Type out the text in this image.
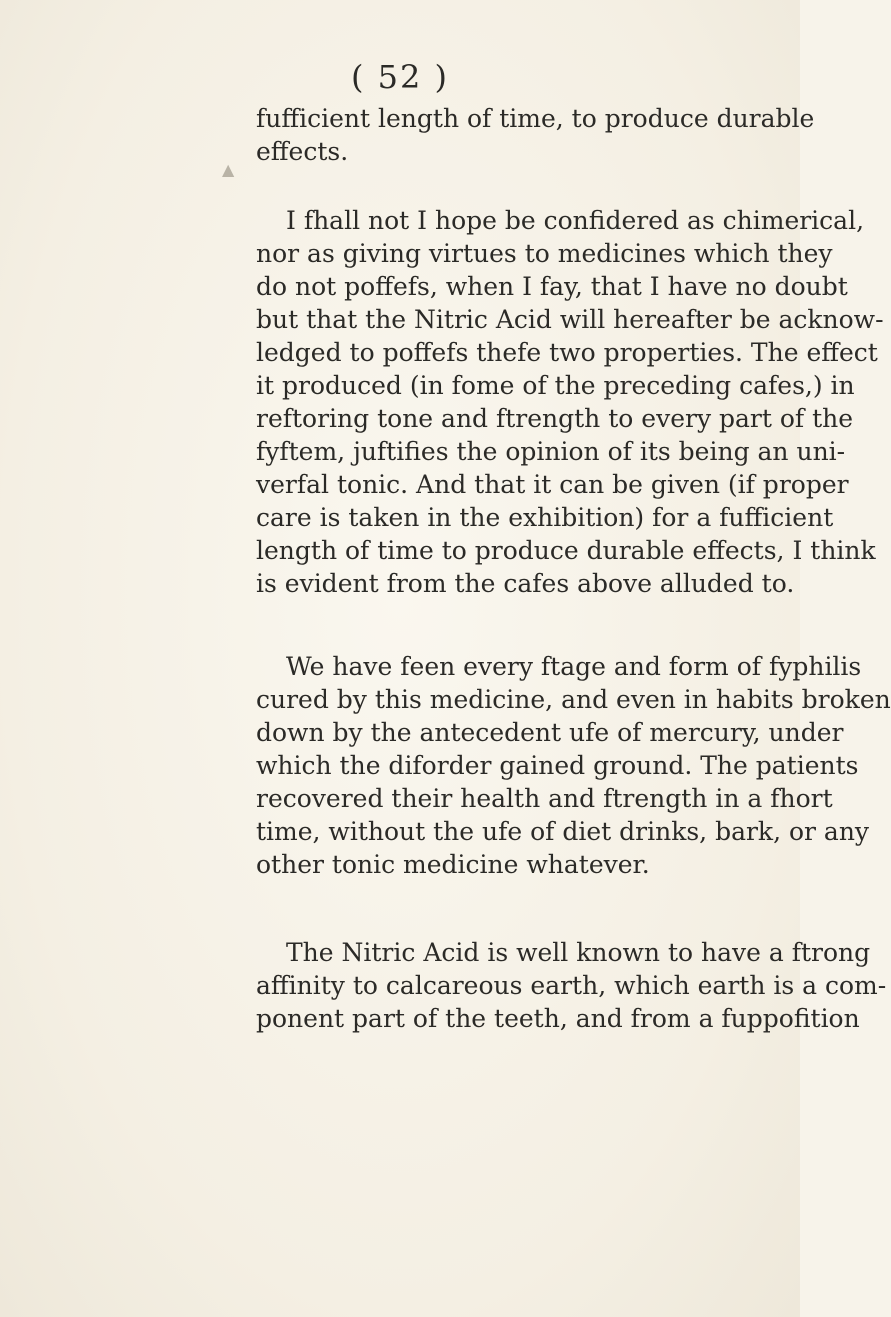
( 52 )
▲

fufficient length of time, to produce durable
effects.

I fhall not I hope be confidered as chimerical,
nor as giving virtues to medicines which they
do not poffefs, when I fay, that I have no doubt
but that the Nitric Acid will hereafter be acknow-
ledged to poffefs thefe two properties. The effect
it produced (in fome of the preceding cafes,) in
reftoring tone and ftrength to every part of the
fyftem, juftifies the opinion of its being an uni-
verfal tonic. And that it can be given (if proper
care is taken in the exhibition) for a fufficient
length of time to produce durable effects, I think
is evident from the cafes above alluded to.

We have feen every ftage and form of fyphilis
cured by this medicine, and even in habits broken
down by the antecedent ufe of mercury, under
which the diforder gained ground. The patients
recovered their health and ftrength in a fhort
time, without the ufe of diet drinks, bark, or any
other tonic medicine whatever.

The Nitric Acid is well known to have a ftrong
affinity to calcareous earth, which earth is a com-
ponent part of the teeth, and from a fuppofition
